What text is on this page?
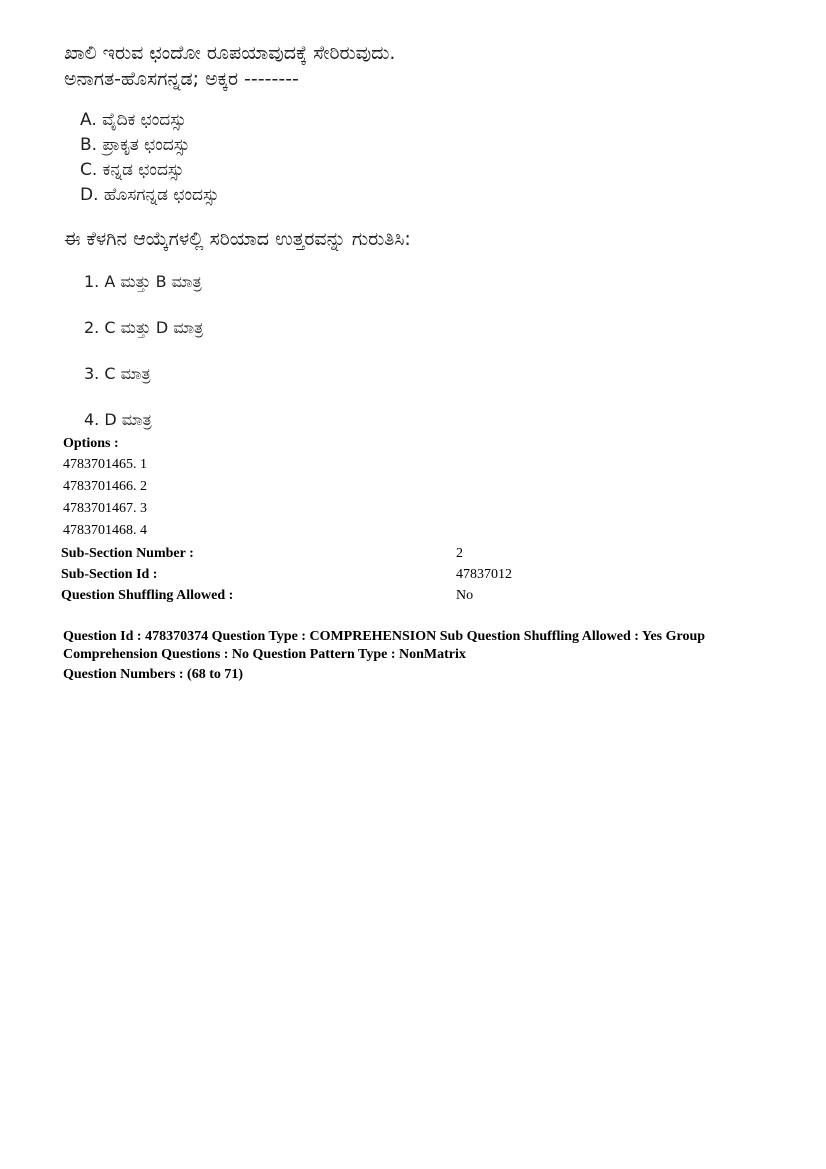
ಖಾಲಿ ಇರುವ ಛಂದೋ ರೂಪಯಾವುದಕ್ಕೆ ಸೇರಿರುವುದು.
ಅನಾಗತ-ಹೊಸಗನ್ನಡ; ಅಕ್ಕರ --------
A. ವೈದಿಕ ಛಂದಸ್ಸು
B. ಪ್ರಾಕೃತ ಛಂದಸ್ಸು
C. ಕನ್ನಡ ಛಂದಸ್ಸು
D. ಹೊಸಗನ್ನಡ ಛಂದಸ್ಸು
ಈ ಕೆಳಗಿನ ಆಯ್ಕೆಗಳಲ್ಲಿ ಸರಿಯಾದ ಉತ್ತರವನ್ನು ಗುರುತಿಸಿ:
1. A ಮತ್ತು B ಮಾತ್ರ
2. C ಮತ್ತು D ಮಾತ್ರ
3. C ಮಾತ್ರ
4. D ಮಾತ್ರ
Options :
4783701465. 1
4783701466. 2
4783701467. 3
4783701468. 4
Sub-Section Number :	2
Sub-Section Id :	47837012
Question Shuffling Allowed :	No
Question Id : 478370374 Question Type : COMPREHENSION Sub Question Shuffling Allowed : Yes Group
Comprehension Questions : No Question Pattern Type : NonMatrix
Question Numbers : (68 to 71)
